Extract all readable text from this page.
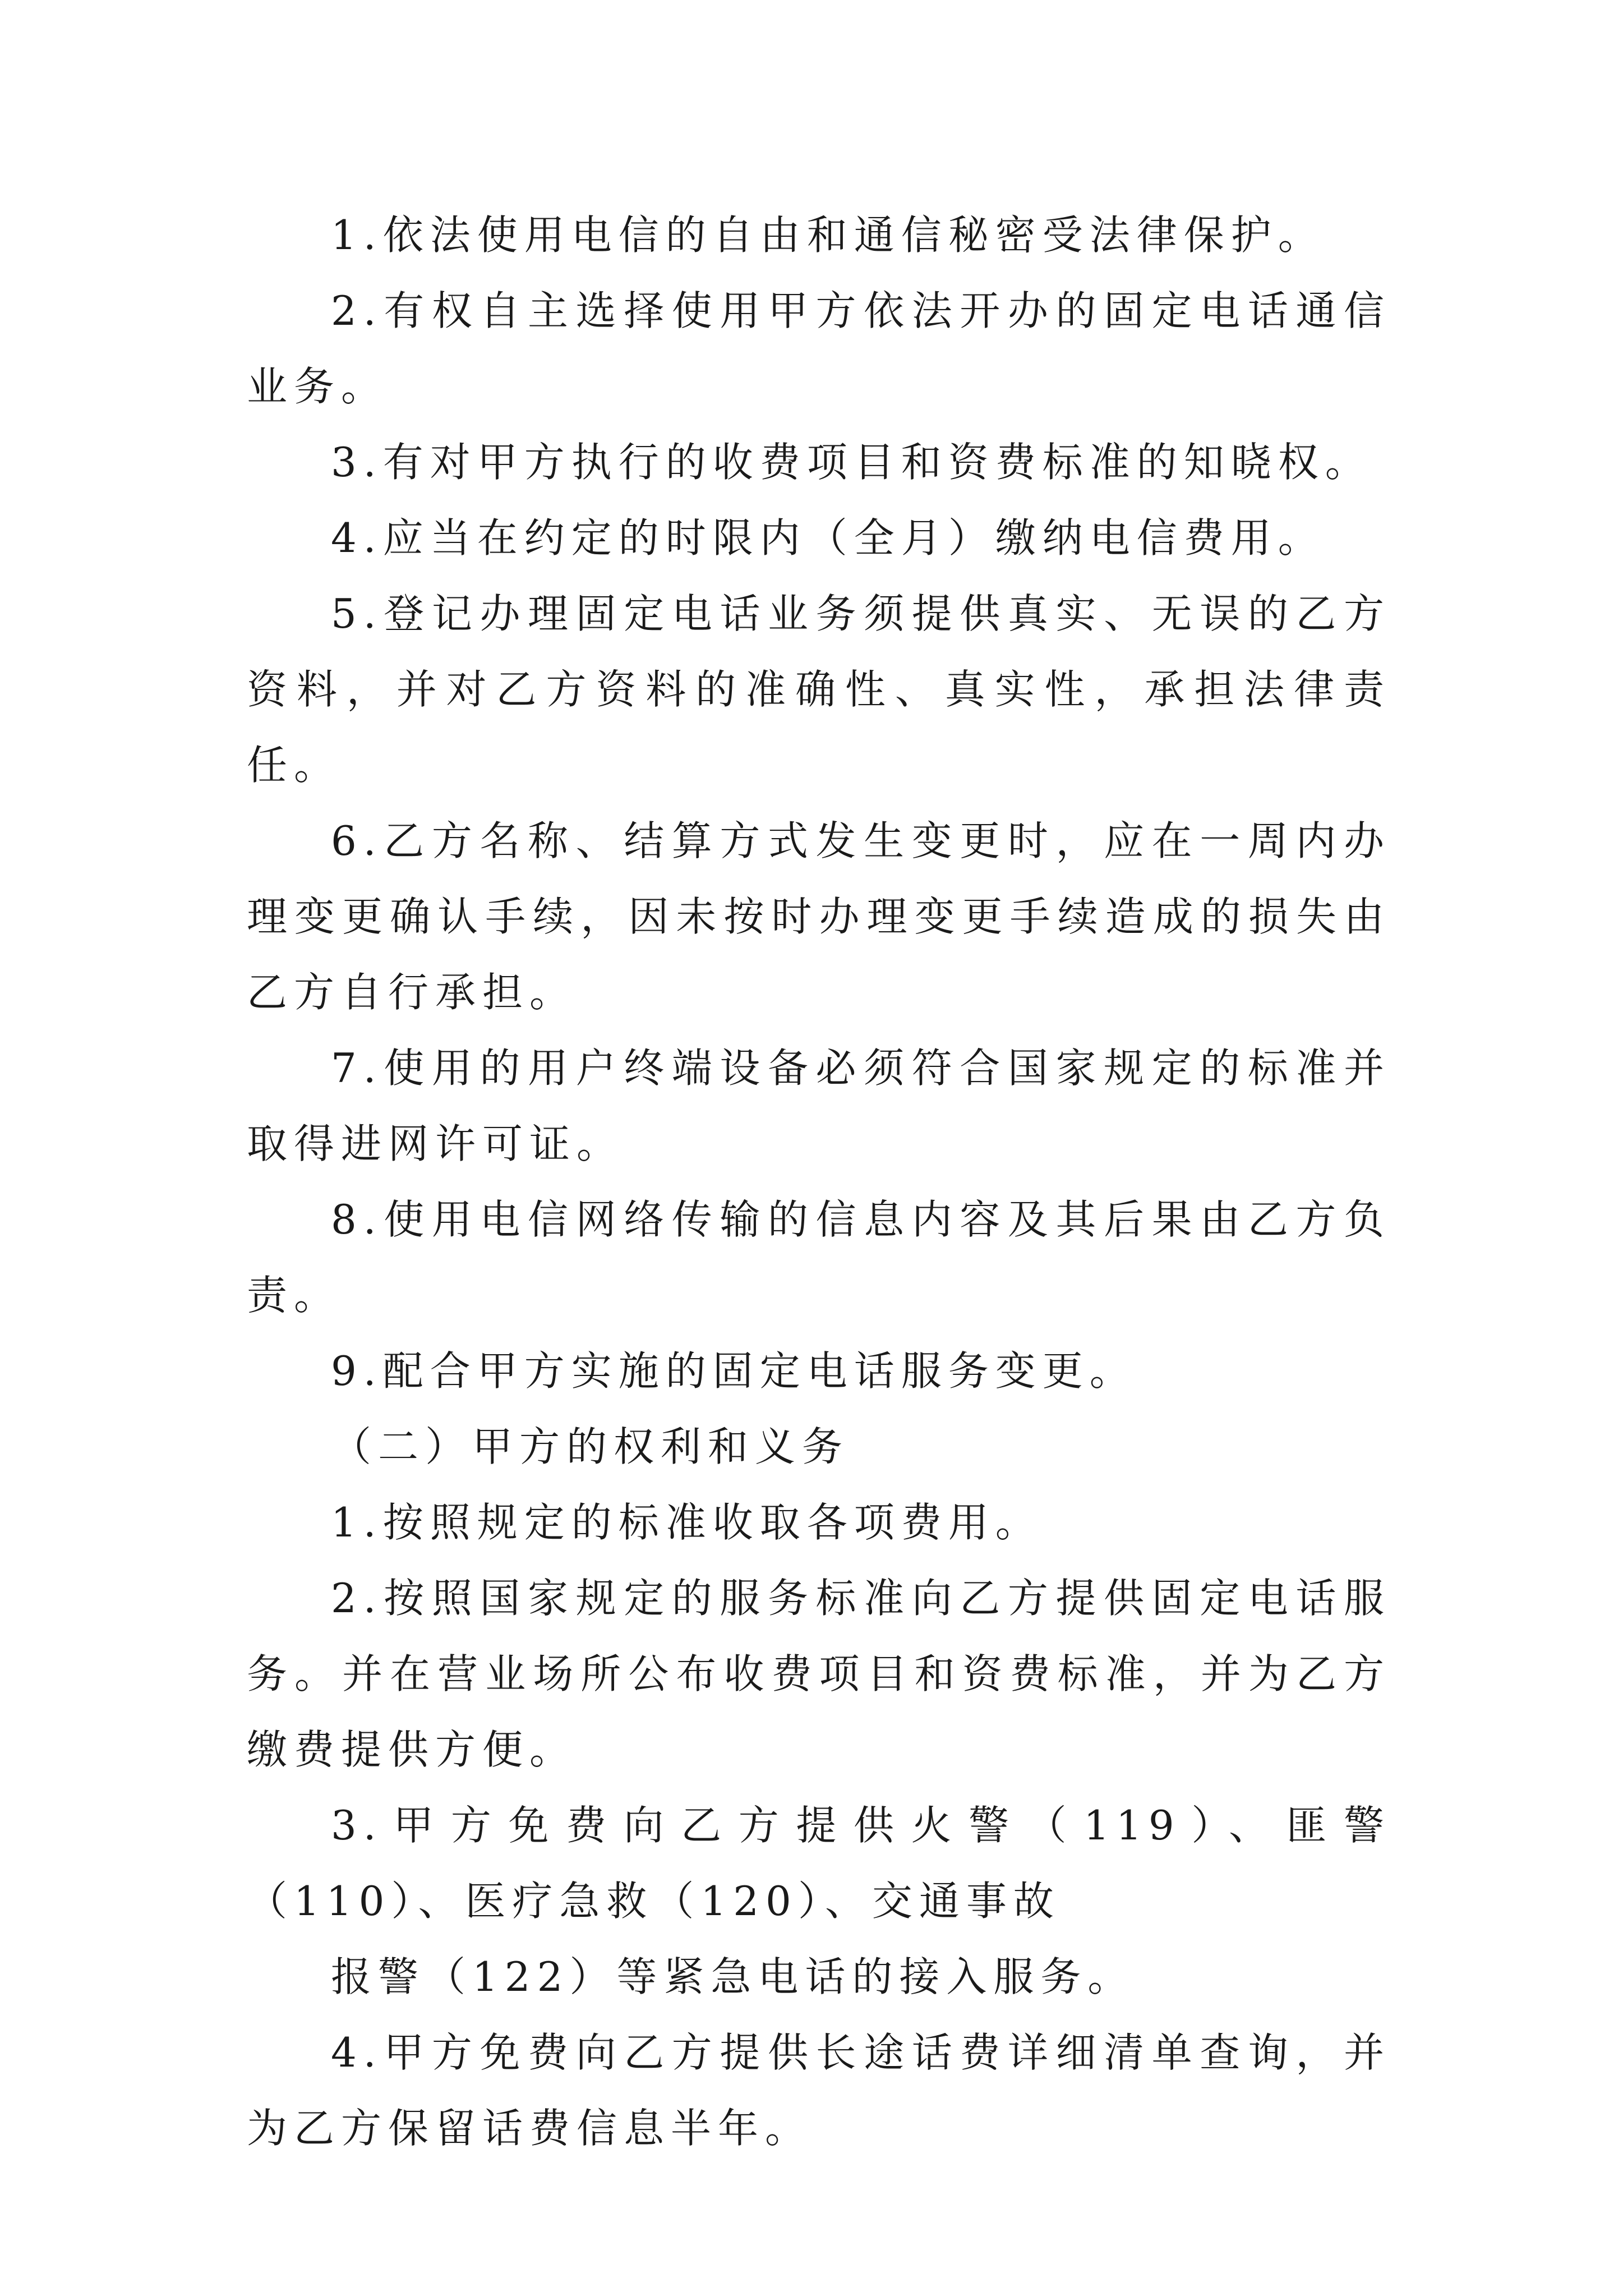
1.依法使用电信的自由和通信秘密受法律保护。

2.有权自主选择使用甲方依法开办的固定电话通信业务。

3.有对甲方执行的收费项目和资费标准的知晓权。

4.应当在约定的时限内（全月）缴纳电信费用。

5.登记办理固定电话业务须提供真实、无误的乙方资料，并对乙方资料的准确性、真实性，承担法律责任。

6.乙方名称、结算方式发生变更时，应在一周内办理变更确认手续，因未按时办理变更手续造成的损失由乙方自行承担。

7.使用的用户终端设备必须符合国家规定的标准并取得进网许可证。

8.使用电信网络传输的信息内容及其后果由乙方负责。

9.配合甲方实施的固定电话服务变更。

（二）甲方的权利和义务

1.按照规定的标准收取各项费用。

2.按照国家规定的服务标准向乙方提供固定电话服务。并在营业场所公布收费项目和资费标准，并为乙方缴费提供方便。

3.甲方免费向乙方提供火警（119）、匪警（110）、医疗急救（120）、交通事故

报警（122）等紧急电话的接入服务。

4.甲方免费向乙方提供长途话费详细清单查询，并为乙方保留话费信息半年。
